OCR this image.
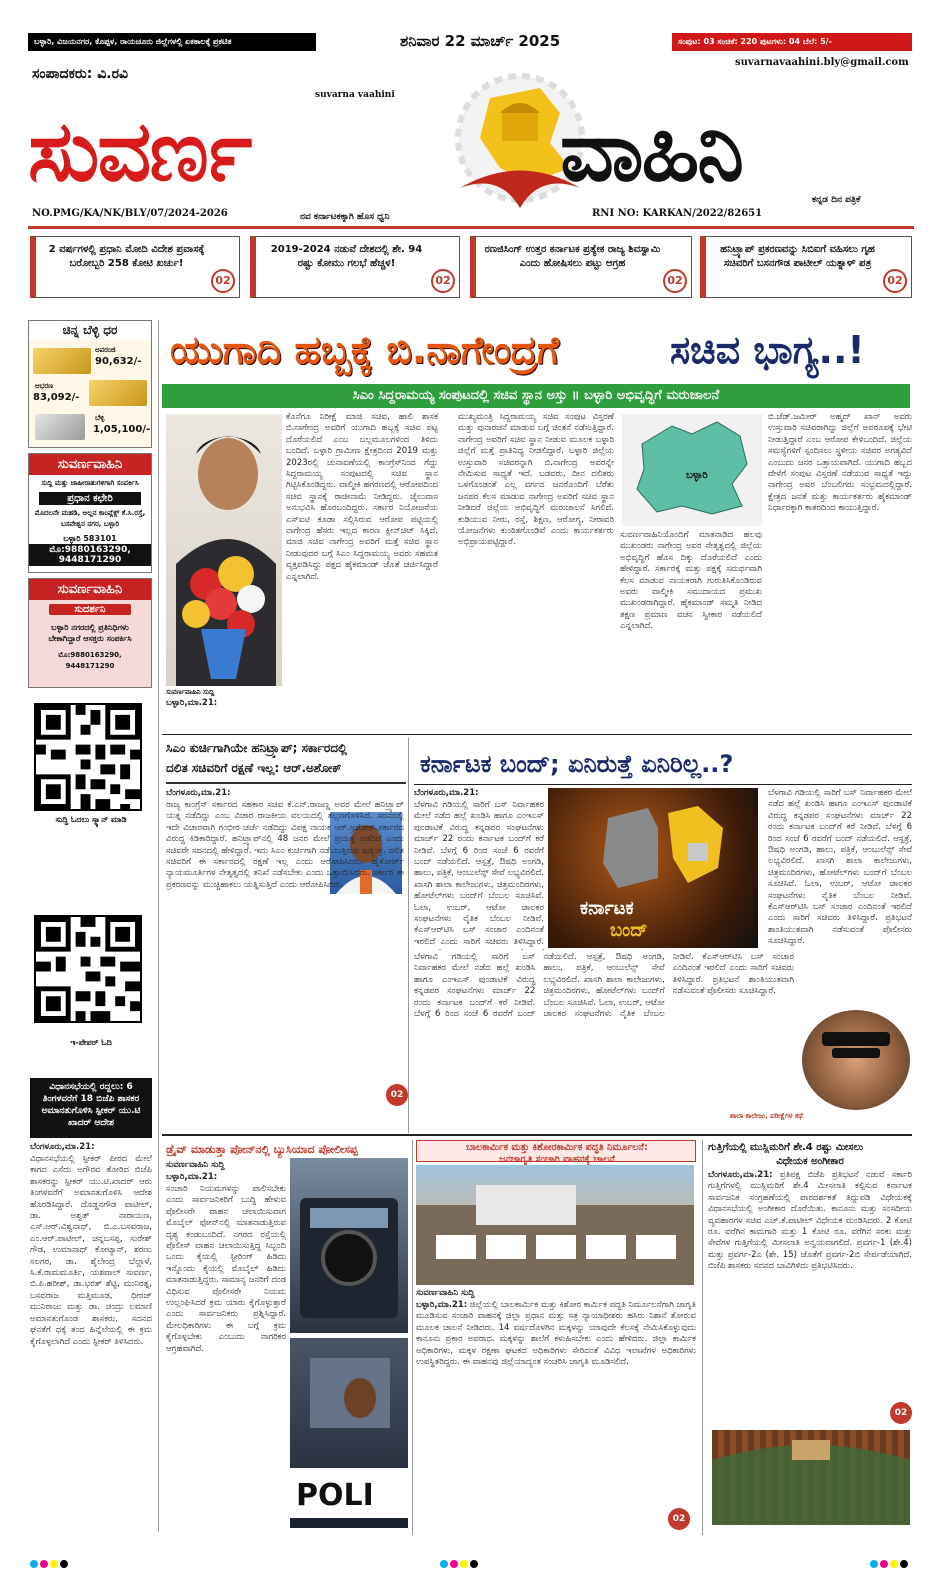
ಬಳ್ಳಾರಿ, ವಿಜಯನಗರ, ಕೊಪ್ಪಳ, ರಾಯಚೂರು ಜಿಲ್ಲೆಗಳಲ್ಲಿ ಏಕಕಾಲಕ್ಕೆ ಪ್ರಕಟಿತ	ಶನಿವಾರ 22 ಮಾರ್ಚ್ 2025	ಸಂಪುಟ: 03 ಸಂಚಿಕೆ: 220 ಪುಟಗಳು: 04 ಬೆಲೆ: 5/-
suvarnavaahini.bly@gmail.com
ಸಂಪಾದಕರು: ವಿ.ರವಿ
suvarna vaahini
ಸುವರ್ಣ	ವಾಹಿನಿ	ಕನ್ನಡ ದಿನ ಪತ್ರಿಕೆ
NO.PMG/KA/NK/BLY/07/2024-2026	ನವ ಕರ್ನಾಟಕಕ್ಕಾಗಿ ಹೊಸ ಧ್ವನಿ	RNI NO: KARKAN/2022/82651
2 ವರ್ಷಗಳಲ್ಲಿ ಪ್ರಧಾನಿ ಮೋದಿ ವಿದೇಶ ಪ್ರವಾಸಕ್ಕೆ ಬರೋಬ್ಬರಿ 258 ಕೋಟಿ ಖರ್ಚು!
02
2019-2024 ನಡುವೆ ದೇಶದಲ್ಲಿ ಶೇ. 94 ರಷ್ಟು ಕೋಮು ಗಲಭೆ ಹೆಚ್ಚಳ!
02
ರಣಜಿಸಿಂಗ್ ಉತ್ತರ ಕರ್ನಾಟಕ ಪ್ರತ್ಯೇಕ ರಾಜ್ಯ ಶಿವಸ್ವಾಮಿ ಎಂದು ಹೋಷಿಸಲು ಪಟ್ಟು ಆಗ್ರಹ
02
ಹನಿಟ್ರ್ಯಾಪ್ ಪ್ರಕರಣವನ್ನು ಸಿಬಿಐಗೆ ವಹಿಸಲು ಗೃಹ ಸಚಿವರಿಗೆ ಬಸನಗೌಡ ಪಾಟೀಲ್ ಯತ್ನಾಳ್ ಪತ್ರ
02
ಚಿನ್ನ ಬೆಳ್ಳಿ ಧರ
ಅಪರಂಜಿ
90,632/-
ಆಭರಣ
83,092/-
ಬೆಳ್ಳಿ
1,05,100/-
ಸುವರ್ಣವಾಹಿನಿ
ಸುದ್ದಿ ಮತ್ತು ಜಾಹೀರಾತುಗಳಿಗಾಗಿ ಸಂಪರ್ಕಿಸಿ
ಪ್ರಧಾನ ಕಛೇರಿ
ಮೊದಲನೇ ಮಹಡಿ, ಅಲ್ಲನ ಕಾಂಪ್ಲೆಕ್ಸ್ ಕೆ.ಸಿ.ರಸ್ತೆ, ಬಸವೇಶ್ವರ ನಗರ, ಬಳ್ಳಾರಿ
ಬಳ್ಳಾರಿ 583101
ಮೊ:9880163290, 9448171290
ಸುವರ್ಣವಾಹಿನಿ
ಸುದರ್ಶನಿ
ಬಳ್ಳಾರಿ ನಗರದಲ್ಲಿ ಪ್ರತಿನಿಧಿಗಳು ಬೇಕಾಗಿದ್ದಾರೆ ಆಸಕ್ತರು ಸಂಪರ್ಕಿಸಿ
ಮೊ:9880163290, 9448171290
ಸುದ್ದಿ ಓದಲು ಸ್ಕ್ಯಾನ್ ಮಾಡಿ
ಇ-ಪೇಪರ್ ಓದಿ
ವಿಧಾನಸಭೆಯಲ್ಲಿ ರದ್ದಲು: 6 ತಿಂಗಳವರೆಗೆ 18 ಬಿಜೆಪಿ ಶಾಸಕರ ಅಮಾನತುಗೊಳಿಸಿ ಸ್ಪೀಕರ್ ಯು.ಟಿ ಖಾದರ್ ಆದೇಶ
ಯುಗಾದಿ ಹಬ್ಬಕ್ಕೆ ಬಿ.ನಾಗೇಂದ್ರಗೆ	ಸಚಿವ ಭಾಗ್ಯ..!
ಸಿಎಂ ಸಿದ್ದರಾಮಯ್ಯ ಸಂಪುಟದಲ್ಲಿ ಸಚಿವ ಸ್ಥಾನ ಅಸ್ತು ॥ ಬಳ್ಳಾರಿ ಅಭಿವೃದ್ಧಿಗೆ ಮರುಜಾಲನೆ
ಸುವರ್ಣವಾಹಿನಿ ಸುದ್ದಿ
ಬಳ್ಳಾರಿ,ಮಾ.21:
ಕೊನೆಗೂ ನಿರೀಕ್ಷೆ ಮಾಜಿ ಸಚಿವ, ಹಾಲಿ ಶಾಸಕ ಬಿ.ನಾಗೇಂದ್ರ ಅವರಿಗೆ ಯುಗಾದಿ ಹಬ್ಬಕ್ಕೆ ಸಚಿವ ಪಟ್ಟ ದೊರೆಯಲಿದೆ ಎಂಬ ಬಲ್ಲಮೂಲಗಳಿಂದ ತಿಳಿದು ಬಂದಿದೆ. ಬಳ್ಳಾರಿ ಗ್ರಾಮೀಣ ಕ್ಷೇತ್ರದಿಂದ 2019 ಮತ್ತು 2023ರಲ್ಲಿ ಚುನಾವಣೆಯಲ್ಲಿ ಕಾಂಗ್ರೆಸ್‌ನಿಂದ ಗೆದ್ದು ಸಿದ್ದರಾಮಯ್ಯ ಸಂಪುಟದಲ್ಲಿ ಸಚಿವ ಸ್ಥಾನ ಗಿಟ್ಟಿಸಿಕೊಂಡಿದ್ದರು. ವಾಲ್ಮೀಕಿ ಹಗರಣದಲ್ಲಿ ಆರೋಪದಿಂದ ಸಚಿವ ಸ್ಥಾನಕ್ಕೆ ರಾಜೀನಾಮೆ ನೀಡಿದ್ದರು. ಜೈಲುವಾಸ ಅನುಭವಿಸಿ ಹೊರಬಂದಿದ್ದರು. ಸರ್ಕಾರ ನಿಯೋಜನೆಯ ಎಸ್‌ಐಟಿ ಕೂಡಾ ಸಲ್ಲಿಸಿರುವ ಆರೋಪ ಪಟ್ಟಿಯಲ್ಲಿ ನಾಗೇಂದ್ರ ಹೆಸರು ಇಲ್ಲದ ಕಾರಣ ಕ್ಲೀನ್‌ಚಿಟ್ ಸಿಕ್ಕಿದೆ. ಮಾಜಿ ಸಚಿವ ನಾಗೇಂದ್ರ ಅವರಿಗೆ ಮತ್ತೆ ಸಚಿವ ಸ್ಥಾನ ನೀಡುವುದರ ಬಗ್ಗೆ ಸಿಎಂ ಸಿದ್ದರಾಮಯ್ಯ ಅವರು ಸಹಮತ ವ್ಯಕ್ತಪಡಿಸಿದ್ದು ಪಕ್ಷದ ಹೈಕಮಾಂಡ್ ಜೊತೆ ಚರ್ಚಿಸಿದ್ದಾರೆ ಎನ್ನಲಾಗಿದೆ.
ಮುಖ್ಯಮಂತ್ರಿ ಸಿದ್ದರಾಮಯ್ಯ ಸಚಿವ ಸಂಪುಟ ವಿಸ್ತರಣೆ ಮತ್ತು ಪುನಾರಚನೆ ಮಾಡುವ ಬಗ್ಗೆ ಚಿಂತನೆ ನಡೆಸುತ್ತಿದ್ದಾರೆ. ನಾಗೇಂದ್ರ ಅವರಿಗೆ ಸಚಿವ ಸ್ಥಾನ ನೀಡುವ ಮೂಲಕ ಬಳ್ಳಾರಿ ಜಿಲ್ಲೆಗೆ ಮತ್ತೆ ಪ್ರಾತಿನಿಧ್ಯ ನೀಡಲಿದ್ದಾರೆ. ಬಳ್ಳಾರಿ ಜಿಲ್ಲೆಯ ಉಸ್ತುವಾರಿ ಸಚಿವರನ್ನಾಗಿ ಬಿ.ನಾಗೇಂದ್ರ ಅವರನ್ನೇ ನೇಮಿಸುವ ಸಾಧ್ಯತೆ ಇದೆ. ಬಡವರು, ದೀನ ದಲಿತರು ಒಳಗೊಂಡಂತೆ ಎಲ್ಲ ವರ್ಗದ ಜನರೊಂದಿಗೆ ಬೆರೆತು ಜನಪರ ಕೆಲಸ ಮಾಡುವ ನಾಗೇಂದ್ರ ಅವರಿಗೆ ಸಚಿವ ಸ್ಥಾನ ನೀಡಿದರೆ ಜಿಲ್ಲೆಯ ಅಭಿವೃದ್ಧಿಗೆ ಮರುಜಾಲನೆ ಸಿಗಲಿದೆ. ಕುಡಿಯುವ ನೀರು, ರಸ್ತೆ, ಶಿಕ್ಷಣ, ಆರೋಗ್ಯ, ನೀರಾವರಿ ಯೋಜನೆಗಳು ಕುಂಠಿತಗೊಂಡಿವೆ ಎಂದು ಕಾರ್ಯಕರ್ತರು ಅಭಿಪ್ರಾಯಪಟ್ಟಿದ್ದಾರೆ.
ಬಳ್ಳಾರಿ
ಸುವರ್ಣವಾಹಿನಿಯೊಂದಿಗೆ ಮಾತನಾಡಿದ ಹಲವು ಮುಖಂಡರು ನಾಗೇಂದ್ರ ಅವರ ನೇತೃತ್ವದಲ್ಲಿ ಜಿಲ್ಲೆಯ ಅಭಿವೃದ್ಧಿಗೆ ಹೊಸ ದಿಕ್ಕು ದೊರೆಯಲಿದೆ ಎಂದು ಹೇಳಿದ್ದಾರೆ. ಸರ್ಕಾರಕ್ಕೆ ಮತ್ತು ಪಕ್ಷಕ್ಕೆ ಸಮರ್ಥವಾಗಿ ಕೆಲಸ ಮಾಡುವ ನಾಯಕರಾಗಿ ಗುರುತಿಸಿಕೊಂಡಿರುವ ಅವರು ವಾಲ್ಮೀಕಿ ಸಮುದಾಯದ ಪ್ರಮುಖ ಮುಖಂಡರಾಗಿದ್ದಾರೆ. ಹೈಕಮಾಂಡ್ ಸಮ್ಮತಿ ನೀಡಿದ ತಕ್ಷಣ ಪ್ರಮಾಣ ವಚನ ಸ್ವೀಕಾರ ನಡೆಯಲಿದೆ ಎನ್ನಲಾಗಿದೆ.
ಬಿ.ಜೆಡ್.ಜಮೀರ್ ಅಹ್ಮದ್ ಖಾನ್ ಅವರು ಉಸ್ತುವಾರಿ ಸಚಿವರಾಗಿದ್ದು ಜಿಲ್ಲೆಗೆ ಅಪರೂಪಕ್ಕೆ ಭೇಟಿ ನೀಡುತ್ತಿದ್ದಾರೆ ಎಂಬ ಆರೋಪ ಕೇಳಿಬಂದಿದೆ. ಜಿಲ್ಲೆಯ ಸಮಸ್ಯೆಗಳಿಗೆ ಸ್ಪಂದಿಸಲು ಸ್ಥಳೀಯ ಸಚಿವರ ಅಗತ್ಯವಿದೆ ಎಂಬುದು ಜನರ ಒತ್ತಾಯವಾಗಿದೆ. ಯುಗಾದಿ ಹಬ್ಬದ ವೇಳೆಗೆ ಸಂಪುಟ ವಿಸ್ತರಣೆ ನಡೆಯುವ ಸಾಧ್ಯತೆ ಇದ್ದು ನಾಗೇಂದ್ರ ಅವರ ಬೆಂಬಲಿಗರು ಸಂಭ್ರಮದಲ್ಲಿದ್ದಾರೆ. ಕ್ಷೇತ್ರದ ಜನತೆ ಮತ್ತು ಕಾರ್ಯಕರ್ತರು ಹೈಕಮಾಂಡ್ ನಿರ್ಧಾರಕ್ಕಾಗಿ ಕಾತರದಿಂದ ಕಾಯುತ್ತಿದ್ದಾರೆ.
ಸಿಎಂ ಕುರ್ಚಿಗಾಗಿಯೇ ಹನಿಟ್ರ್ಯಾಪ್; ಸರ್ಕಾರದಲ್ಲಿ
ದಲಿತ ಸಚಿವರಿಗೆ ರಕ್ಷಣೆ ಇಲ್ಲ: ಆರ್.ಅಶೋಕ್
ಬೆಂಗಳೂರು,ಮಾ.21:
ರಾಜ್ಯ ಕಾಂಗ್ರೆಸ್ ಸರ್ಕಾರದ ಸಹಕಾರ ಸಚಿವ ಕೆ.ಎನ್.ರಾಜಣ್ಣ ಅವರ ಮೇಲೆ ಹನಿಟ್ರ್ಯಾಪ್ ಯತ್ನ ನಡೆದಿದ್ದು ಎಂಬ ವಿಚಾರ ರಾಜಕೀಯ ವಲಯದಲ್ಲಿ ತಲ್ಲಣಗೊಳಿಸಿದೆ. ಸದನದಲ್ಲಿ ಇದೇ ವಿಚಾರವಾಗಿ ಗಂಭೀರ ಚರ್ಚೆ ನಡೆದಿದ್ದು ವಿಪಕ್ಷ ನಾಯಕ ಆರ್.ಅಶೋಕ್ ಸರ್ಕಾರದ ವಿರುದ್ಧ ಕಿಡಿಕಾರಿದ್ದಾರೆ. ಹನಿಟ್ರ್ಯಾಪ್‌ನಲ್ಲಿ 48 ಜನರ ಮೇಲೆ ಪ್ರಯತ್ನ ನಡೆದಿದೆ ಎಂದು ಸಚಿವರೇ ಸದನದಲ್ಲಿ ಹೇಳಿದ್ದಾರೆ. ಇದು ಸಿಎಂ ಕುರ್ಚಿಗಾಗಿ ನಡೆಯುತ್ತಿರುವ ಷಡ್ಯಂತ್ರ. ದಲಿತ ಸಚಿವರಿಗೆ ಈ ಸರ್ಕಾರದಲ್ಲಿ ರಕ್ಷಣೆ ಇಲ್ಲ ಎಂದು ಆರೋಪಿಸಿದರು. ಹೈಕೋರ್ಟ್ ನ್ಯಾಯಮೂರ್ತಿಗಳ ನೇತೃತ್ವದಲ್ಲಿ ತನಿಖೆ ನಡೆಸಬೇಕು ಎಂದು ಒತ್ತಾಯಿಸಿದರು. ಸರ್ಕಾರ ಈ ಪ್ರಕರಣವನ್ನು ಮುಚ್ಚಿಹಾಕಲು ಯತ್ನಿಸುತ್ತಿದೆ ಎಂದು ಆರೋಪಿಸಿದರು.
02
ಕರ್ನಾಟಕ ಬಂದ್; ಏನಿರುತ್ತೆ ಏನಿರಿಲ್ಲ..?
ಬೆಂಗಳೂರು,ಮಾ.21:
ಕರ್ನಾಟಕ
ಬಂದ್
ಬೆಳಗಾವಿ ಗಡಿಯಲ್ಲಿ ಸಾರಿಗೆ ಬಸ್ ನಿರ್ವಾಹಕರ ಮೇಲೆ ನಡೆದ ಹಲ್ಲೆ ಖಂಡಿಸಿ ಹಾಗೂ ಎಂಇಎಸ್ ಪುಂಡಾಟಿಕೆ ವಿರುದ್ಧ ಕನ್ನಡಪರ ಸಂಘಟನೆಗಳು ಮಾರ್ಚ್ 22 ರಂದು ಕರ್ನಾಟಕ ಬಂದ್‌ಗೆ ಕರೆ ನೀಡಿವೆ. ಬೆಳಗ್ಗೆ 6 ರಿಂದ ಸಂಜೆ 6 ರವರೆಗೆ ಬಂದ್ ನಡೆಯಲಿದೆ. ಆಸ್ಪತ್ರೆ, ಔಷಧಿ ಅಂಗಡಿ, ಹಾಲು, ಪತ್ರಿಕೆ, ಆಂಬುಲೆನ್ಸ್ ಸೇವೆ ಲಭ್ಯವಿರಲಿದೆ. ಖಾಸಗಿ ಶಾಲಾ ಕಾಲೇಜುಗಳು, ಚಿತ್ರಮಂದಿರಗಳು, ಹೋಟೆಲ್‌ಗಳು ಬಂದ್‌ಗೆ ಬೆಂಬಲ ಸೂಚಿಸಿವೆ. ಓಲಾ, ಉಬರ್, ಆಟೋ ಚಾಲಕರ ಸಂಘಟನೆಗಳು ನೈತಿಕ ಬೆಂಬಲ ನೀಡಿವೆ. ಕೆಎಸ್ಆರ್‌ಟಿಸಿ ಬಸ್ ಸಂಚಾರ ಎಂದಿನಂತೆ ಇರಲಿದೆ ಎಂದು ಸಾರಿಗೆ ಸಚಿವರು ತಿಳಿಸಿದ್ದಾರೆ.
ಬೆಳಗಾವಿ ಗಡಿಯಲ್ಲಿ ಸಾರಿಗೆ ಬಸ್ ನಿರ್ವಾಹಕರ ಮೇಲೆ ನಡೆದ ಹಲ್ಲೆ ಖಂಡಿಸಿ ಹಾಗೂ ಎಂಇಎಸ್ ಪುಂಡಾಟಿಕೆ ವಿರುದ್ಧ ಕನ್ನಡಪರ ಸಂಘಟನೆಗಳು ಮಾರ್ಚ್ 22 ರಂದು ಕರ್ನಾಟಕ ಬಂದ್‌ಗೆ ಕರೆ ನೀಡಿವೆ. ಬೆಳಗ್ಗೆ 6 ರಿಂದ ಸಂಜೆ 6 ರವರೆಗೆ ಬಂದ್ ನಡೆಯಲಿದೆ. ಆಸ್ಪತ್ರೆ, ಔಷಧಿ ಅಂಗಡಿ, ಹಾಲು, ಪತ್ರಿಕೆ, ಆಂಬುಲೆನ್ಸ್ ಸೇವೆ ಲಭ್ಯವಿರಲಿದೆ. ಖಾಸಗಿ ಶಾಲಾ ಕಾಲೇಜುಗಳು, ಚಿತ್ರಮಂದಿರಗಳು, ಹೋಟೆಲ್‌ಗಳು ಬಂದ್‌ಗೆ ಬೆಂಬಲ ಸೂಚಿಸಿವೆ. ಓಲಾ, ಉಬರ್, ಆಟೋ ಚಾಲಕರ ಸಂಘಟನೆಗಳು ನೈತಿಕ ಬೆಂಬಲ ನೀಡಿವೆ. ಕೆಎಸ್ಆರ್‌ಟಿಸಿ ಬಸ್ ಸಂಚಾರ ಎಂದಿನಂತೆ ಇರಲಿದೆ ಎಂದು ಸಾರಿಗೆ ಸಚಿವರು ತಿಳಿಸಿದ್ದಾರೆ. ಪ್ರತಿಭಟನೆ ಶಾಂತಿಯುತವಾಗಿ ನಡೆಸುವಂತೆ ಪೊಲೀಸರು ಸೂಚಿಸಿದ್ದಾರೆ.
ಬೆಳಗಾವಿ ಗಡಿಯಲ್ಲಿ ಸಾರಿಗೆ ಬಸ್ ನಿರ್ವಾಹಕರ ಮೇಲೆ ನಡೆದ ಹಲ್ಲೆ ಖಂಡಿಸಿ ಹಾಗೂ ಎಂಇಎಸ್ ಪುಂಡಾಟಿಕೆ ವಿರುದ್ಧ ಕನ್ನಡಪರ ಸಂಘಟನೆಗಳು ಮಾರ್ಚ್ 22 ರಂದು ಕರ್ನಾಟಕ ಬಂದ್‌ಗೆ ಕರೆ ನೀಡಿವೆ. ಬೆಳಗ್ಗೆ 6 ರಿಂದ ಸಂಜೆ 6 ರವರೆಗೆ ಬಂದ್ ನಡೆಯಲಿದೆ. ಆಸ್ಪತ್ರೆ, ಔಷಧಿ ಅಂಗಡಿ, ಹಾಲು, ಪತ್ರಿಕೆ, ಆಂಬುಲೆನ್ಸ್ ಸೇವೆ ಲಭ್ಯವಿರಲಿದೆ. ಖಾಸಗಿ ಶಾಲಾ ಕಾಲೇಜುಗಳು, ಚಿತ್ರಮಂದಿರಗಳು, ಹೋಟೆಲ್‌ಗಳು ಬಂದ್‌ಗೆ ಬೆಂಬಲ ಸೂಚಿಸಿವೆ. ಓಲಾ, ಉಬರ್, ಆಟೋ ಚಾಲಕರ ಸಂಘಟನೆಗಳು ನೈತಿಕ ಬೆಂಬಲ ನೀಡಿವೆ. ಕೆಎಸ್ಆರ್‌ಟಿಸಿ ಬಸ್ ಸಂಚಾರ ಎಂದಿನಂತೆ ಇರಲಿದೆ ಎಂದು ಸಾರಿಗೆ ಸಚಿವರು ತಿಳಿಸಿದ್ದಾರೆ. ಪ್ರತಿಭಟನೆ ಶಾಂತಿಯುತವಾಗಿ ನಡೆಸುವಂತೆ ಪೊಲೀಸರು ಸೂಚಿಸಿದ್ದಾರೆ.
ಶಾಲಾ ಕಾಲೇಜು, ಪರೀಕ್ಷೆಗಳ ಕಥೆ
ಡ್ರೈವ್ ಮಾಡುತ್ತಾ ಪೋನ್‌ನಲ್ಲಿ ಬ್ಯುಸಿಯಾದ ಪೋಲೀಸಪ್ಪ
ಸುವರ್ಣವಾಹಿನಿ ಸುದ್ದಿ
ಬಳ್ಳಾರಿ,ಮಾ.21:
ಸಂಚಾರಿ ನಿಯಮಗಳನ್ನು ಪಾಲಿಸಬೇಕು ಎಂದು ಸಾರ್ವಜನಿಕರಿಗೆ ಬುದ್ಧಿ ಹೇಳುವ ಪೊಲೀಸರೇ ವಾಹನ ಚಲಾಯಿಸುವಾಗ ಮೊಬೈಲ್ ಫೋನ್‌ನಲ್ಲಿ ಮಾತನಾಡುತ್ತಿರುವ ದೃಶ್ಯ ಕಂಡುಬಂದಿದೆ. ನಗರದ ರಸ್ತೆಯಲ್ಲಿ ಪೊಲೀಸ್ ವಾಹನ ಚಲಾಯಿಸುತ್ತಿದ್ದ ಸಿಬ್ಬಂದಿ ಒಂದು ಕೈಯಲ್ಲಿ ಸ್ಟೀರಿಂಗ್ ಹಿಡಿದು ಇನ್ನೊಂದು ಕೈಯಲ್ಲಿ ಮೊಬೈಲ್ ಹಿಡಿದು ಮಾತನಾಡುತ್ತಿದ್ದರು. ಸಾಮಾನ್ಯ ಜನರಿಗೆ ದಂಡ ವಿಧಿಸುವ ಪೊಲೀಸರೇ ನಿಯಮ ಉಲ್ಲಂಘಿಸಿದರೆ ಕ್ರಮ ಯಾರು ಕೈಗೊಳ್ಳುತ್ತಾರೆ ಎಂದು ಸಾರ್ವಜನಿಕರು ಪ್ರಶ್ನಿಸಿದ್ದಾರೆ. ಮೇಲಧಿಕಾರಿಗಳು ಈ ಬಗ್ಗೆ ಕ್ರಮ ಕೈಗೊಳ್ಳಬೇಕು ಎಂಬುದು ನಾಗರಿಕರ ಆಗ್ರಹವಾಗಿದೆ.
POLI
ಬೆಂಗಳೂರು,ಮಾ.21:
ವಿಧಾನಸಭೆಯಲ್ಲಿ ಸ್ಪೀಕರ್ ಪೀಠದ ಮೇಲೆ ಕಾಗದ ಎಸೆದು ಅಗೌರವ ತೋರಿದ ಬಿಜೆಪಿ ಶಾಸಕರನ್ನು ಸ್ಪೀಕರ್ ಯು.ಟಿ.ಖಾದರ್ ಆರು ತಿಂಗಳವರೆಗೆ ಅಮಾನತುಗೊಳಿಸಿ ಆದೇಶ ಹೊರಡಿಸಿದ್ದಾರೆ. ದೊಡ್ಡನಗೌಡ ಪಾಟೀಲ್, ಡಾ. ಅಶ್ವತ್ ನಾರಾಯಣ, ಎಸ್.ಆರ್.ವಿಶ್ವನಾಥ್, ಬಿ.ಎ.ಬಸವರಾಜ, ಎಂ.ಆರ್.ಪಾಟೀಲ್, ಚನ್ನಬಸಪ್ಪ, ಸುರೇಶ್ ಗೌಡ, ಉಮಾನಾಥ್ ಕೋಟ್ಯಾನ್, ಶರಣು ಸಲಗರ, ಡಾ. ಶೈಲೇಂದ್ರ ಬೆಲ್ದಾಳೆ, ಸಿ.ಕೆ.ರಾಮಮೂರ್ತಿ, ಯಶಪಾಲ್ ಸುವರ್ಣ, ಬಿ.ಪಿ.ಹರೀಶ್, ಡಾ.ಭರತ್ ಶೆಟ್ಟಿ, ಮುನಿರತ್ನ, ಬಸವರಾಜ ಮತ್ತಿಮೂಡ, ಧೀರಜ್ ಮುನಿರಾಜು ಮತ್ತು ಡಾ. ಚಂದ್ರು ಲಮಾಣಿ ಅಮಾನತುಗೊಂಡ ಶಾಸಕರು. ಸದನದ ಘನತೆಗೆ ಧಕ್ಕೆ ತಂದ ಹಿನ್ನೆಲೆಯಲ್ಲಿ ಈ ಕ್ರಮ ಕೈಗೊಳ್ಳಲಾಗಿದೆ ಎಂದು ಸ್ಪೀಕರ್ ತಿಳಿಸಿದರು.
ಬಾಲಕಾರ್ಮಿಕ ಮತ್ತು ಕಿಶೋರಕಾರ್ಮಿಕ ಪದ್ಧತಿ ನಿರ್ಮೂಲನೆ:
ಜನಜಾಗೃತಿ ಸಂಚಾರಿ ವಾಹನಕ್ಕೆ ಚಾಲನೆ
ಸುವರ್ಣವಾಹಿನಿ ಸುದ್ದಿ
ಬಳ್ಳಾರಿ,ಮಾ.21: ಜಿಲ್ಲೆಯಲ್ಲಿ ಬಾಲಕಾರ್ಮಿಕ ಮತ್ತು ಕಿಶೋರ ಕಾರ್ಮಿಕ ಪದ್ಧತಿ ನಿರ್ಮೂಲನೆಗಾಗಿ ಜಾಗೃತಿ ಮೂಡಿಸುವ ಸಂಚಾರಿ ವಾಹನಕ್ಕೆ ಜಿಲ್ಲಾ ಪ್ರಧಾನ ಮತ್ತು ಸತ್ರ ನ್ಯಾಯಾಧೀಶರು ಹಸಿರು ನಿಶಾನೆ ತೋರುವ ಮೂಲಕ ಚಾಲನೆ ನೀಡಿದರು. 14 ವರ್ಷದೊಳಗಿನ ಮಕ್ಕಳನ್ನು ಯಾವುದೇ ಕೆಲಸಕ್ಕೆ ನೇಮಿಸಿಕೊಳ್ಳುವುದು ಕಾನೂನು ಪ್ರಕಾರ ಅಪರಾಧ. ಮಕ್ಕಳನ್ನು ಶಾಲೆಗೆ ಕಳುಹಿಸಬೇಕು ಎಂದು ಹೇಳಿದರು. ಜಿಲ್ಲಾ ಕಾರ್ಮಿಕ ಅಧಿಕಾರಿಗಳು, ಮಕ್ಕಳ ರಕ್ಷಣಾ ಘಟಕದ ಅಧಿಕಾರಿಗಳು ಸೇರಿದಂತೆ ವಿವಿಧ ಇಲಾಖೆಗಳ ಅಧಿಕಾರಿಗಳು ಉಪಸ್ಥಿತರಿದ್ದರು. ಈ ವಾಹನವು ಜಿಲ್ಲೆಯಾದ್ಯಂತ ಸಂಚರಿಸಿ ಜಾಗೃತಿ ಮೂಡಿಸಲಿದೆ.
02
ಗುತ್ತಿಗೆಯಲ್ಲಿ ಮುಸ್ಲಿಮರಿಗೆ ಶೇ.4 ರಷ್ಟು ಮೀಸಲು
ವಿಧೇಯಕ ಅಂಗೀಕಾರ
ಬೆಂಗಳೂರು,ಮಾ.21: ಪ್ರತಿಪಕ್ಷ ಬಿಜೆಪಿ ಪ್ರತಿಭಟನೆ ನಡುವೆ ಸರ್ಕಾರಿ ಗುತ್ತಿಗೆಗಳಲ್ಲಿ ಮುಸ್ಲಿಮರಿಗೆ ಶೇ.4 ಮೀಸಲಾತಿ ಕಲ್ಪಿಸುವ ಕರ್ನಾಟಕ ಸಾರ್ವಜನಿಕ ಸಂಗ್ರಹಣೆಯಲ್ಲಿ ಪಾರದರ್ಶಕತೆ ತಿದ್ದುಪಡಿ ವಿಧೇಯಕಕ್ಕೆ ವಿಧಾನಸಭೆಯಲ್ಲಿ ಅಂಗೀಕಾರ ದೊರೆಯಿತು. ಕಾನೂನು ಮತ್ತು ಸಂಸದೀಯ ವ್ಯವಹಾರಗಳ ಸಚಿವ ಎಚ್.ಕೆ.ಪಾಟೀಲ್ ವಿಧೇಯಕ ಮಂಡಿಸಿದರು. 2 ಕೋಟಿ ರೂ. ವರೆಗಿನ ಕಾಮಗಾರಿ ಮತ್ತು 1 ಕೋಟಿ ರೂ. ವರೆಗಿನ ಸರಕು ಮತ್ತು ಸೇವೆಗಳ ಗುತ್ತಿಗೆಯಲ್ಲಿ ಮೀಸಲಾತಿ ಅನ್ವಯವಾಗಲಿದೆ. ಪ್ರವರ್ಗ-1 (ಶೇ.4) ಮತ್ತು ಪ್ರವರ್ಗ-2ಎ (ಶೇ. 15) ಜೊತೆಗೆ ಪ್ರವರ್ಗ-2ಬಿ ಸೇರ್ಪಡೆಯಾಗಿದೆ. ಬಿಜೆಪಿ ಶಾಸಕರು ಸದನದ ಬಾವಿಗಿಳಿದು ಪ್ರತಿಭಟಿಸಿದರು.
02
